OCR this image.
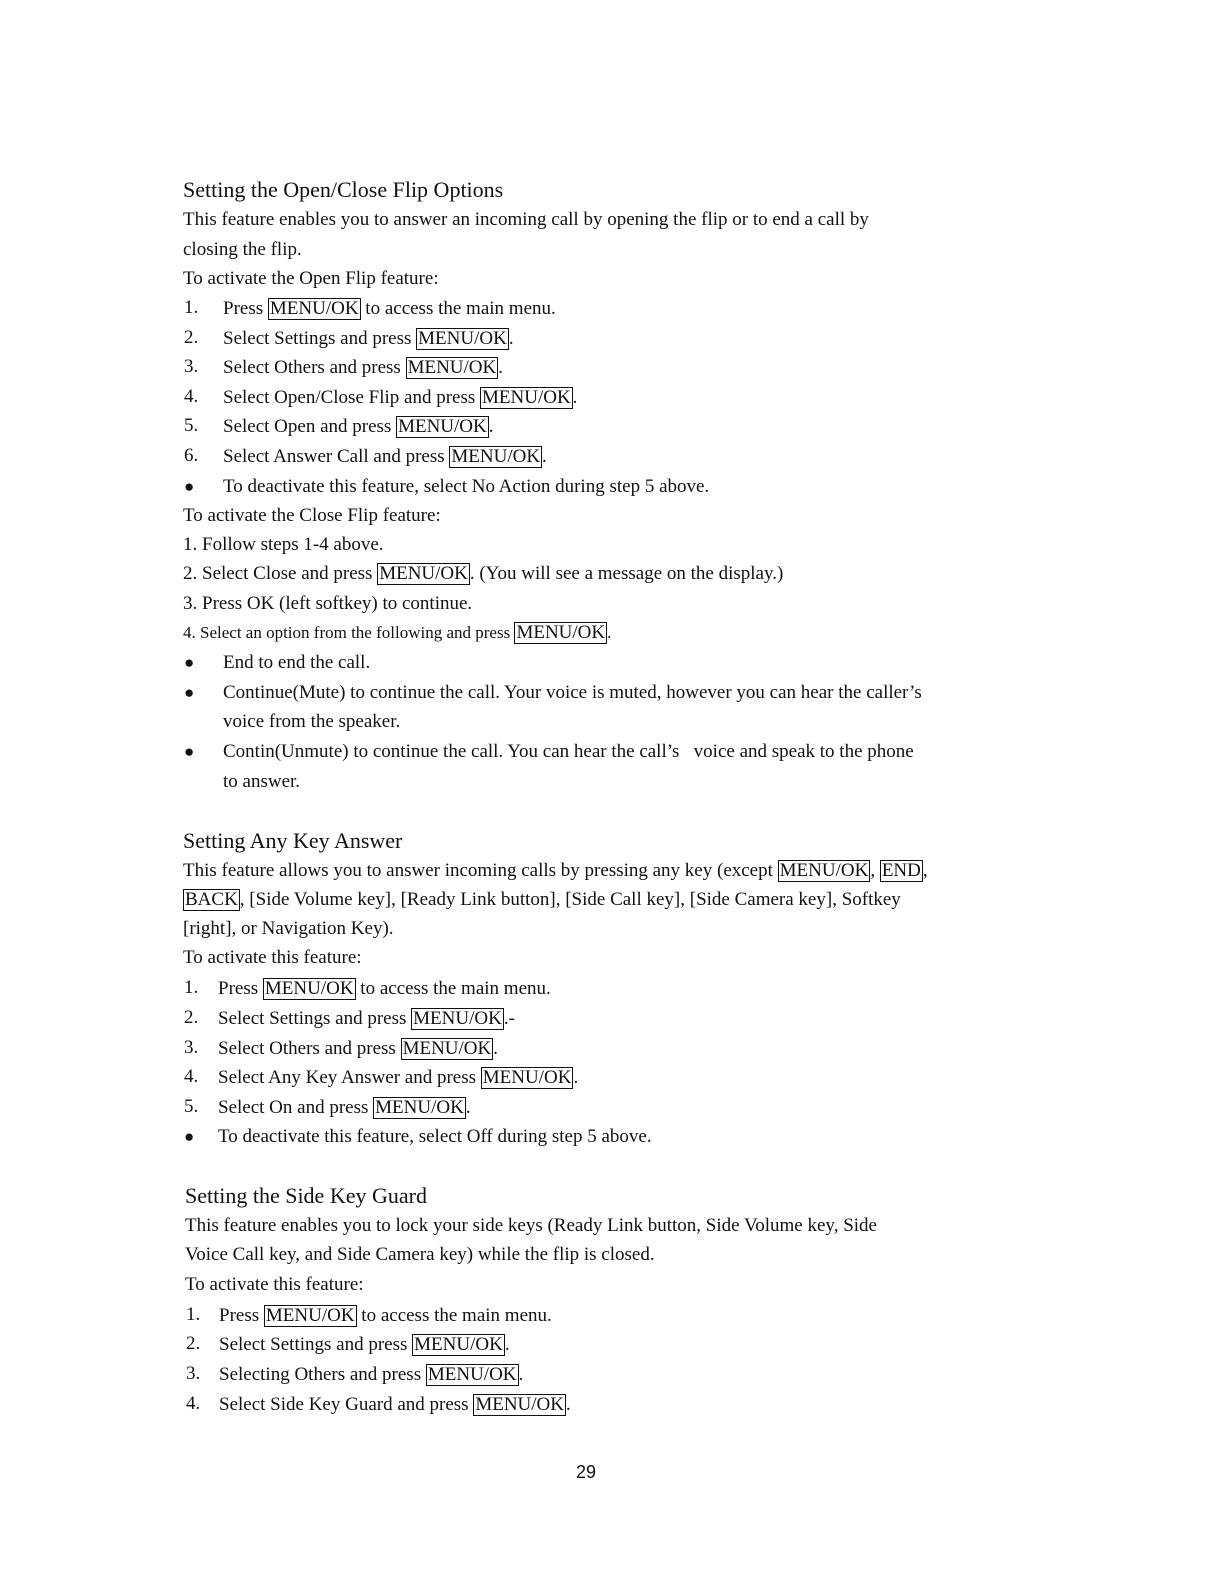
Setting the Open/Close Flip Options
This feature enables you to answer an incoming call by opening the flip or to end a call by
closing the flip.
To activate the Open Flip feature:
1. Press MENU/OK to access the main menu.
2. Select Settings and press MENU/OK .
3. Select Others and press MENU/OK .
4. Select Open/Close Flip and press MENU/OK .
5. Select Open and press MENU/OK .
6. Select Answer Call and press MENU/OK .
● To deactivate this feature, select No Action during step 5 above.
To activate the Close Flip feature:
1. Follow steps 1-4 above.
2. Select Close and press MENU/OK . (You will see a message on the display.)
3. Press OK (left softkey) to continue.
4. Select an option from the following and press MENU/OK .
● End to end the call.
● Continue(Mute) to continue the call. Your voice is muted, however you can hear the caller’s
voice from the speaker.
● Contin(Unmute) to continue the call. You can hear the call’s   voice and speak to the phone
to answer.
Setting Any Key Answer
This feature allows you to answer incoming calls by pressing any key (except MENU/OK , END ,
BACK , [Side Volume key], [Ready Link button], [Side Call key], [Side Camera key], Softkey
[right], or Navigation Key).
To activate this feature:
1. Press MENU/OK to access the main menu.
2. Select Settings and press MENU/OK .-
3. Select Others and press MENU/OK .
4. Select Any Key Answer and press MENU/OK .
5. Select On and press MENU/OK .
● To deactivate this feature, select Off during step 5 above.
Setting the Side Key Guard
This feature enables you to lock your side keys (Ready Link button, Side Volume key, Side
Voice Call key, and Side Camera key) while the flip is closed.
To activate this feature:
1. Press MENU/OK to access the main menu.
2. Select Settings and press MENU/OK .
3. Selecting Others and press MENU/OK .
4. Select Side Key Guard and press MENU/OK .
29
